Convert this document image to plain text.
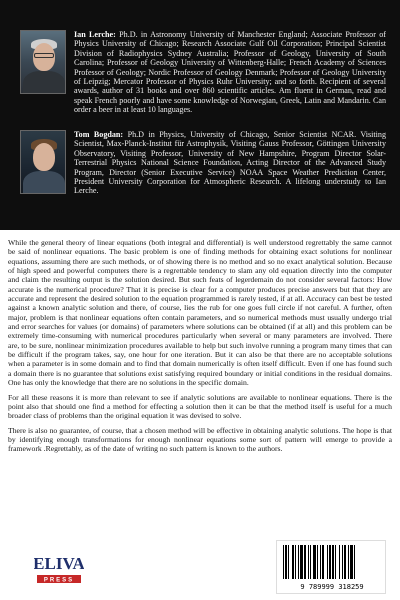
Ian Lerche: Ph.D. in Astronomy University of Manchester England; Associate Professor of Physics University of Chicago; Research Associate Gulf Oil Corporation; Principal Scientist Division of Radiophysics Sydney Australia; Professor of Geology, University of South Carolina; Professor of Geology University of Wittenberg-Halle; French Academy of Sciences Professor of Geology; Nordic Professor of Geology Denmark; Professor of Geology University of Leipzig; Mercator Professor of Physics Ruhr University; and so forth. Recipient of several awards, author of 31 books and over 860 scientific articles. Am fluent in German, read and speak French poorly and have some knowledge of Norwegian, Greek, Latin and Mandarin. Can order a beer in at least 10 languages.

Tom Bogdan: Ph.D in Physics, University of Chicago, Senior Scientist NCAR. Visiting Scientist, Max-Planck-Institut für Astrophysik, Visiting Gauss Professor, Göttingen University Observatory, Visiting Professor, University of New Hampshire, Program Director Solar-Terrestrial Physics National Science Foundation, Acting Director of the Advanced Study Program, Director (Senior Executive Service) NOAA Space Weather Prediction Center, President University Corporation for Atmospheric Research. A lifelong understudy to Ian Lerche.

While the general theory of linear equations (both integral and differential) is well understood regrettably the same cannot be said of nonlinear equations. The basic problem is one of finding methods for obtaining exact solutions for nonlinear equations, assuming there are such methods, or of showing there is no method and so no exact analytical solution. Because of high speed and powerful computers there is a regrettable tendency to slam any old equation directly into the computer and claim the resulting output is the solution desired. But such feats of legerdemain do not consider several factors: How accurate is the numerical procedure? That it is precise is clear for a computer produces precise answers but that they are accurate and represent the desired solution to the equation programmed is rarely tested, if at all. Accuracy can best be tested against a known analytic solution and there, of course, lies the rub for one goes full circle if not careful. A further, often major, problem is that nonlinear equations often contain parameters, and so numerical methods must usually undergo trial and error searches for values (or domains) of parameters where solutions can be obtained (if at all) and this problem can be extremely time-consuming with numerical procedures particularly when several or many parameters are involved. There are, to be sure, nonlinear minimization procedures available to help but such involve running a program many times that can be difficult if the program takes, say, one hour for one iteration. But it can also be that there are no acceptable solutions when a parameter is in some domain and to find that domain numerically is often itself difficult. Even if one has found such a domain there is no guarantee that solutions exist satisfying required boundary or initial conditions in the residual domains. One has only the knowledge that there are no solutions in the specific domain.

For all these reasons it is more than relevant to see if analytic solutions are available to nonlinear equations. There is the point also that should one find a method for effecting a solution then it can be that the method itself is useful for a much broader class of problems than the original equation it was devised to solve.

There is also no guarantee, of course, that a chosen method will be effective in obtaining analytic solutions. The hope is that by identifying enough transformations for enough nonlinear equations some sort of pattern will emerge to provide a framework .Regrettably, as of the date of writing no such pattern is known to the authors.

ELIVA
PRESS
9 789999 318259
